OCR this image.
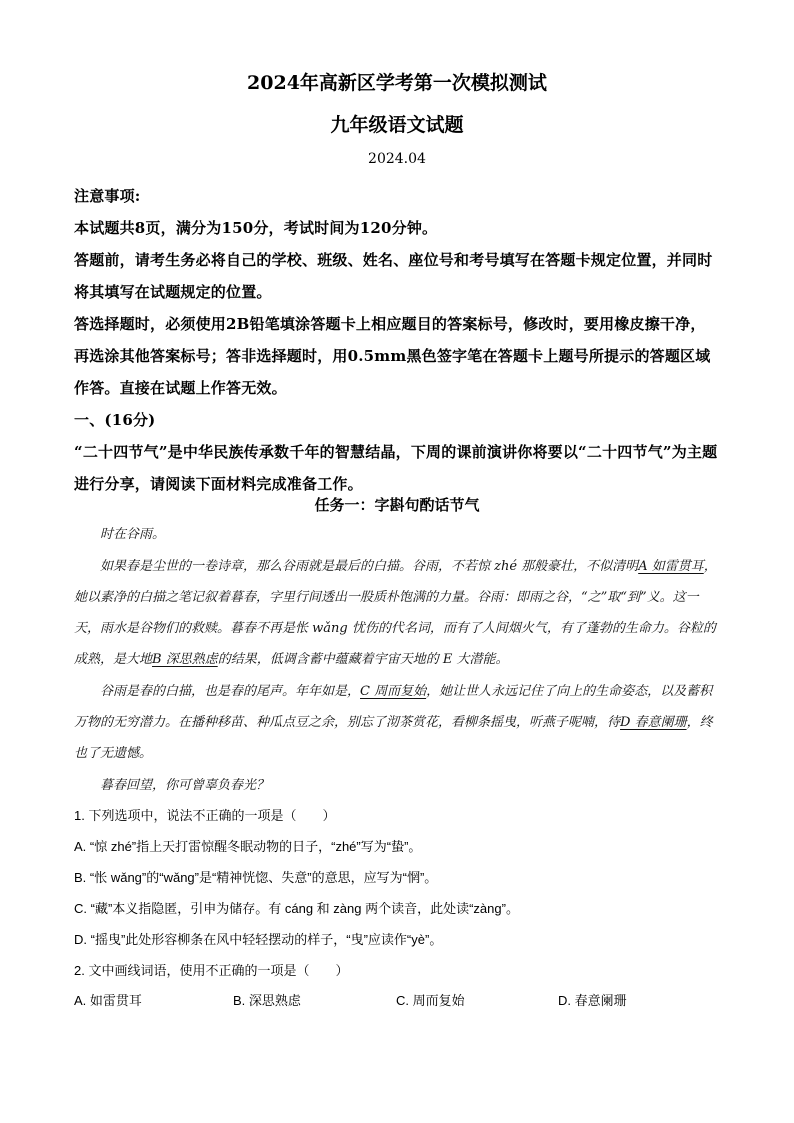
2024年高新区学考第一次模拟测试
九年级语文试题
2024.04
注意事项:
本试题共8页，满分为150分，考试时间为120分钟。
答题前，请考生务必将自己的学校、班级、姓名、座位号和考号填写在答题卡规定位置，并同时将其填写在试题规定的位置。
答选择题时，必须使用2B铅笔填涂答题卡上相应题目的答案标号，修改时，要用橡皮擦干净，再选涂其他答案标号；答非选择题时，用0.5mm黑色签字笔在答题卡上题号所提示的答题区域作答。直接在试题上作答无效。
一、(16分)
“二十四节气”是中华民族传承数千年的智慧结晶，下周的课前演讲你将要以“二十四节气”为主题进行分享，请阅读下面材料完成准备工作。
任务一：字斟句酌话节气
时在谷雨。
如果春是尘世的一卷诗章，那么谷雨就是最后的白描。谷雨，不若惊 zhé 那般豪壮，不似清明A 如雷贯耳，她以素净的白描之笔记叙着暮春，字里行间透出一股质朴饱满的力量。谷雨：即雨之谷，“之”取“到”义。这一天，雨水是谷物们的救赎。暮春不再是怅 wǎng 忧伤的代名词，而有了人间烟火气，有了蓬勃的生命力。谷粒的成熟，是大地B 深思熟虑的结果，低调含蓄中蕴藏着宇宙天地的 E 大潜能。
谷雨是春的白描，也是春的尾声。年年如是，C 周而复始，她让世人永远记住了向上的生命姿态，以及蓄积万物的无穷潜力。在播种移苗、种瓜点豆之余，别忘了沏茶赏花，看柳条摇曳，听燕子呢喃，待D 春意阑珊，终也了无遗憾。
暮春回望，你可曾辜负春光？
1. 下列选项中，说法不正确的一项是（　　）
A. “惊 zhé”指上天打雷惊醒冬眠动物的日子，“zhé”写为“蛰”。
B. “怅 wǎng”的“wǎng”是“精神恍惚、失意”的意思，应写为“惘”。
C. “藏”本义指隐匿，引申为储存。有 cáng 和 zàng 两个读音，此处读“zàng”。
D. “摇曳”此处形容柳条在风中轻轻摆动的样子，“曳”应读作“yè”。
2. 文中画线词语，使用不正确的一项是（　　）
A. 如雷贯耳	B. 深思熟虑	C. 周而复始	D. 春意阑珊
